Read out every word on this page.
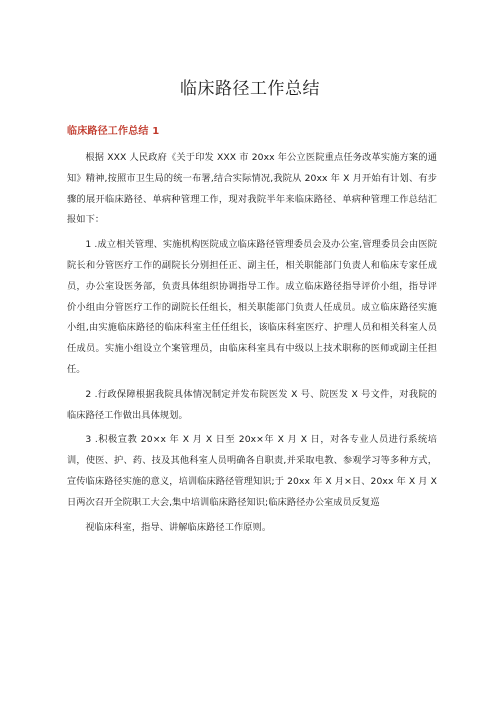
临床路径工作总结
临床路径工作总结 1

根据 XXX 人民政府《关于印发 XXX 市 20xx 年公立医院重点任务改革实施方案的通知》精神,按照市卫生局的统一布署,结合实际情况,我院从 20xx 年 X 月开始有计划、有步骤的展开临床路径、单病种管理工作，现对我院半年来临床路径、单病种管理工作总结汇报如下：

1 .成立相关管理、实施机构医院成立临床路径管理委员会及办公室,管理委员会由医院院长和分管医疗工作的副院长分别担任正、副主任，相关职能部门负责人和临床专家任成员，办公室设医务部，负责具体组织协调指导工作。成立临床路径指导评价小组，指导评价小组由分管医疗工作的副院长任组长，相关职能部门负责人任成员。成立临床路径实施小组,由实施临床路径的临床科室主任任组长，该临床科室医疗、护理人员和相关科室人员任成员。实施小组设立个案管理员，由临床科室具有中级以上技术职称的医师或副主任担任。

2 .行政保障根据我院具体情况制定并发布院医发 X 号、院医发 X 号文件，对我院的临床路径工作做出具体规划。

3 .积极宣教 20×x 年 X 月 X 日至 20x×年 X 月 X 日，对各专业人员进行系统培训，使医、护、药、技及其他科室人员明确各自职责,并采取电教、参观学习等多种方式，宣传临床路径实施的意义，培训临床路径管理知识;于 20xx 年 X 月×日、20xx 年 X 月 X 日两次召开全院职工大会,集中培训临床路径知识;临床路径办公室成员反复巡

视临床科室，指导、讲解临床路径工作原则。
